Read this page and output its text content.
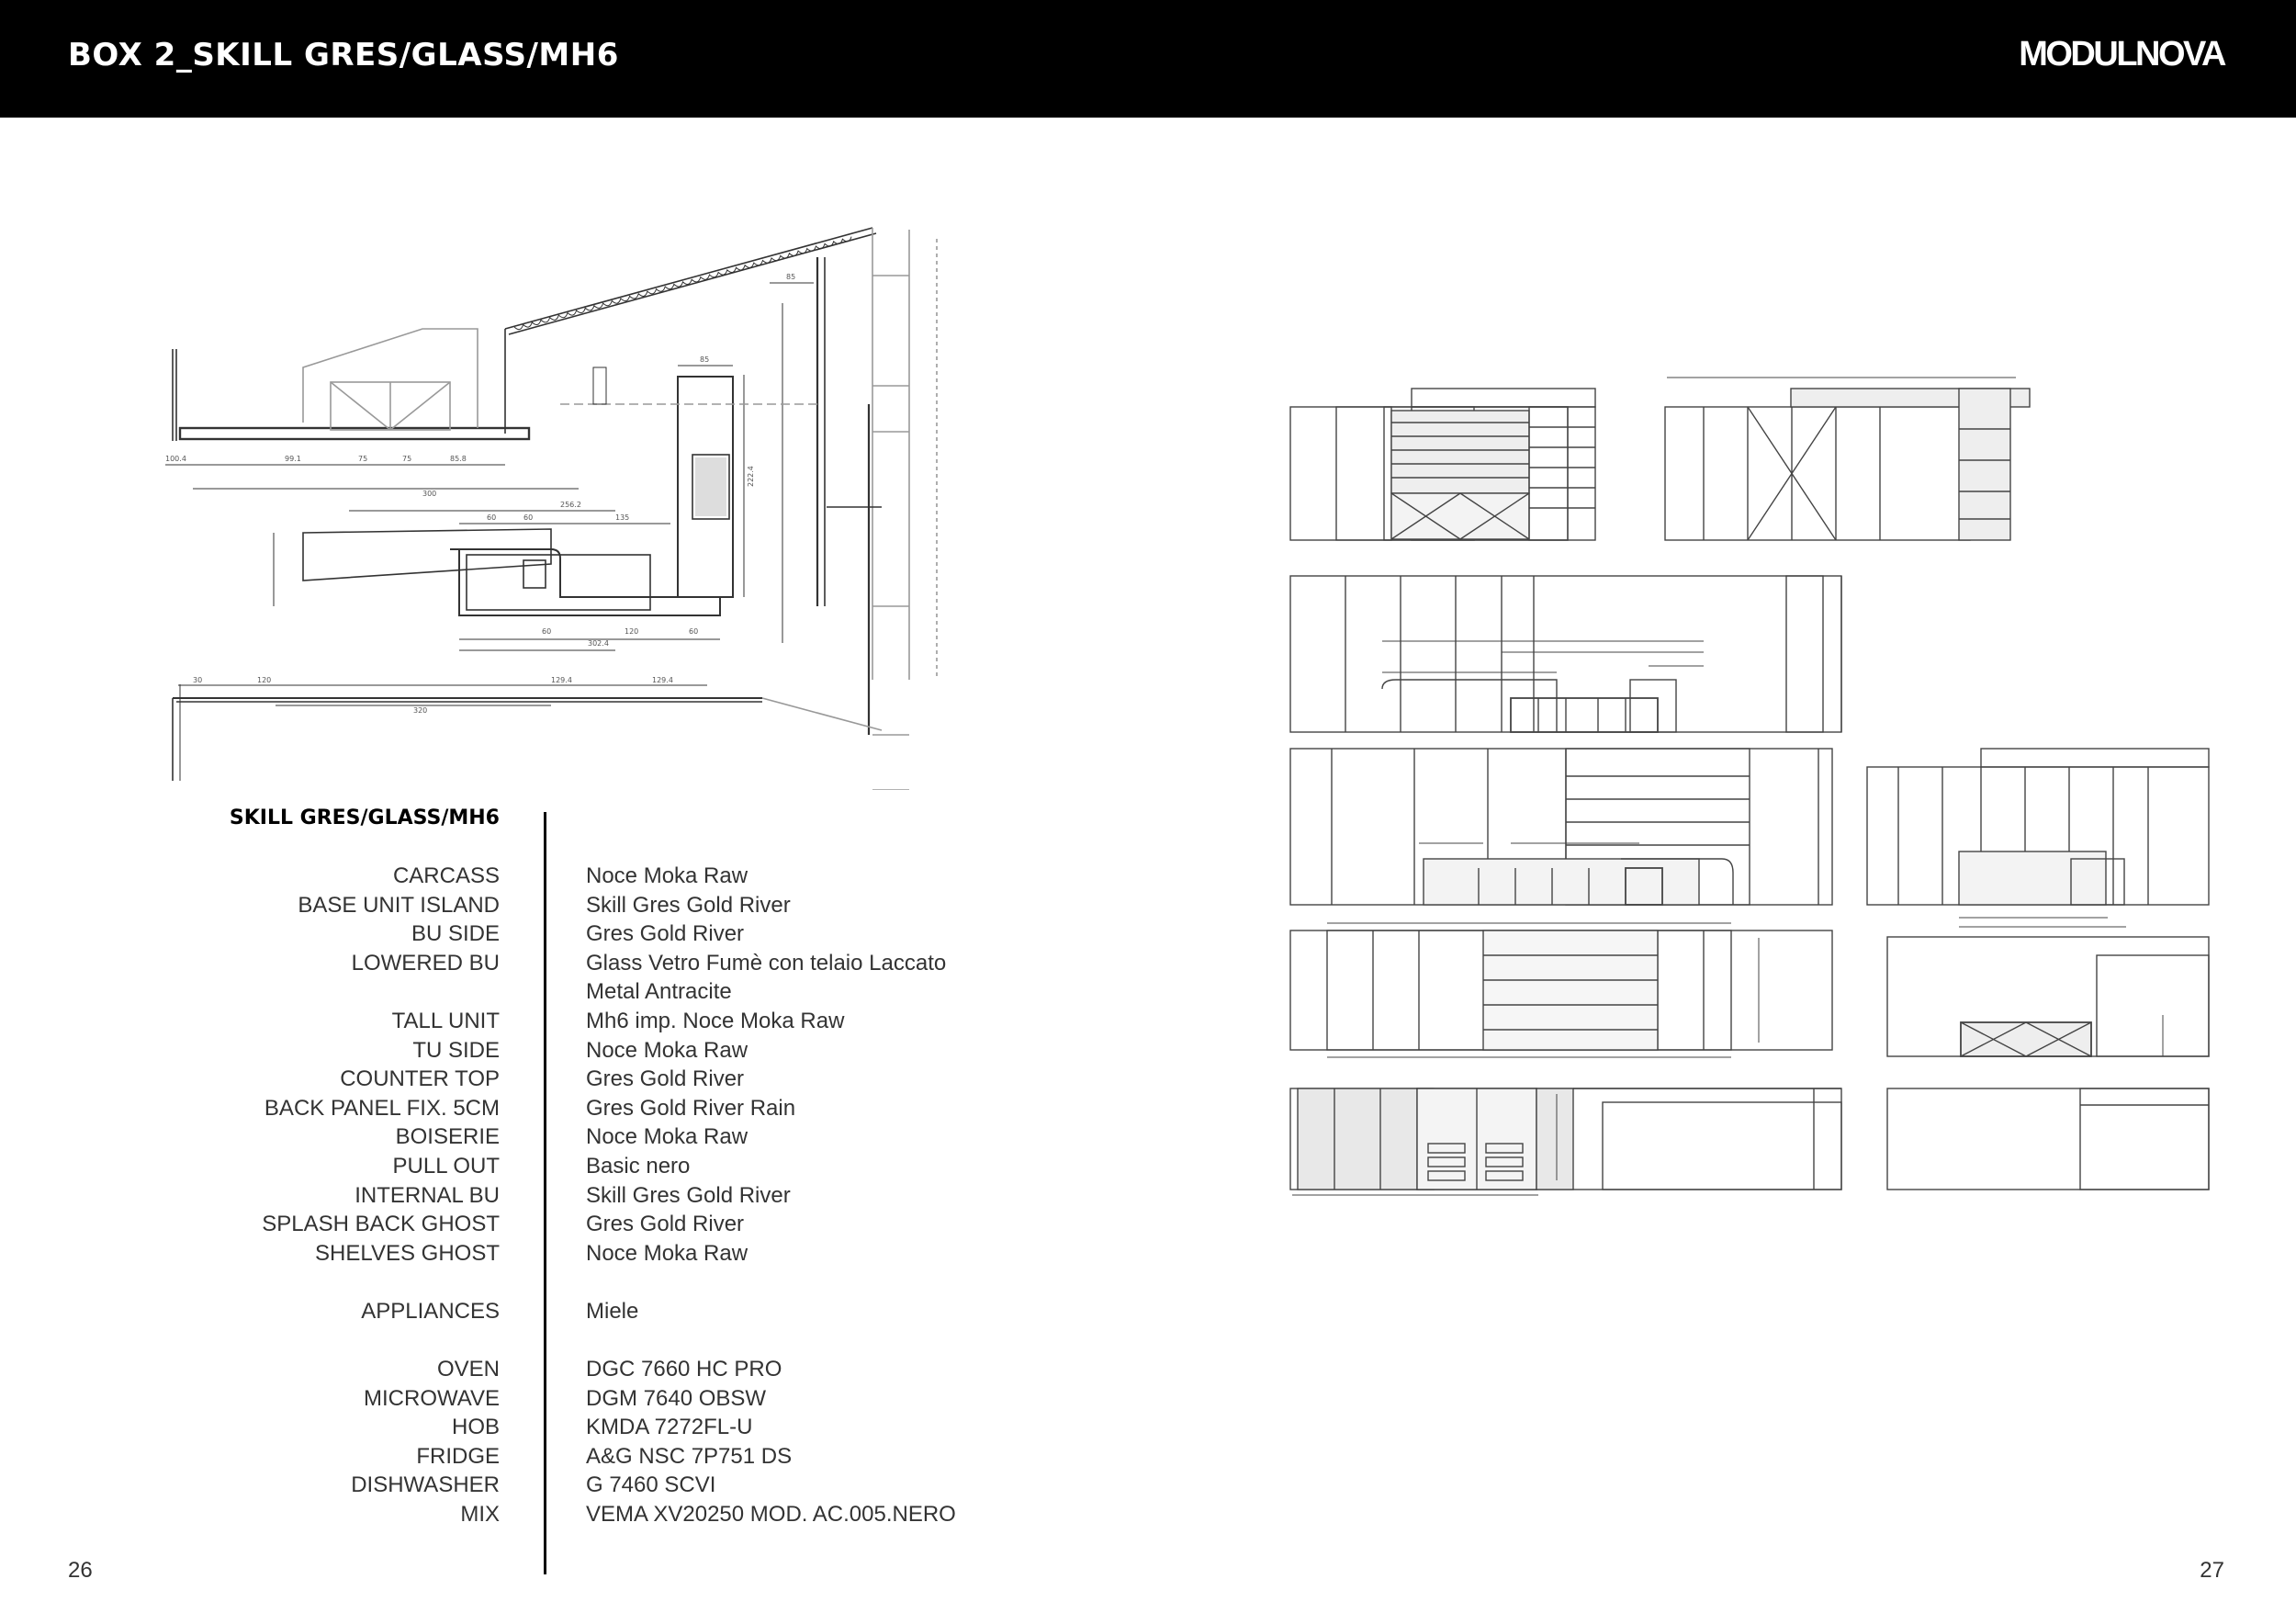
BOX 2_SKILL GRES/GLASS/MH6	MODULNOVA
100.4	99.1	75	75	85.8
300
256.2
135
60
60
302.4
60	120	60
30	120	129.4	129.4
320
85
85
222.4
SKILL GRES/GLASS/MH6
CARCASS	Noce Moka Raw
BASE UNIT ISLAND	Skill Gres Gold River
BU SIDE	Gres Gold River
LOWERED BU	Glass Vetro Fumè con telaio Laccato
Metal Antracite
TALL UNIT	Mh6 imp. Noce Moka Raw
TU SIDE	Noce Moka Raw
COUNTER TOP	Gres Gold River
BACK PANEL FIX. 5CM	Gres Gold River Rain
BOISERIE	Noce Moka Raw
PULL OUT	Basic nero
INTERNAL BU	Skill Gres Gold River
SPLASH BACK GHOST	Gres Gold River
SHELVES GHOST	Noce Moka Raw
APPLIANCES	Miele
OVEN	DGC 7660 HC PRO
MICROWAVE	DGM 7640 OBSW
HOB	KMDA 7272FL-U
FRIDGE	A&G NSC 7P751 DS
DISHWASHER	G 7460 SCVI
MIX	VEMA XV20250 MOD. AC.005.NERO
26	27
